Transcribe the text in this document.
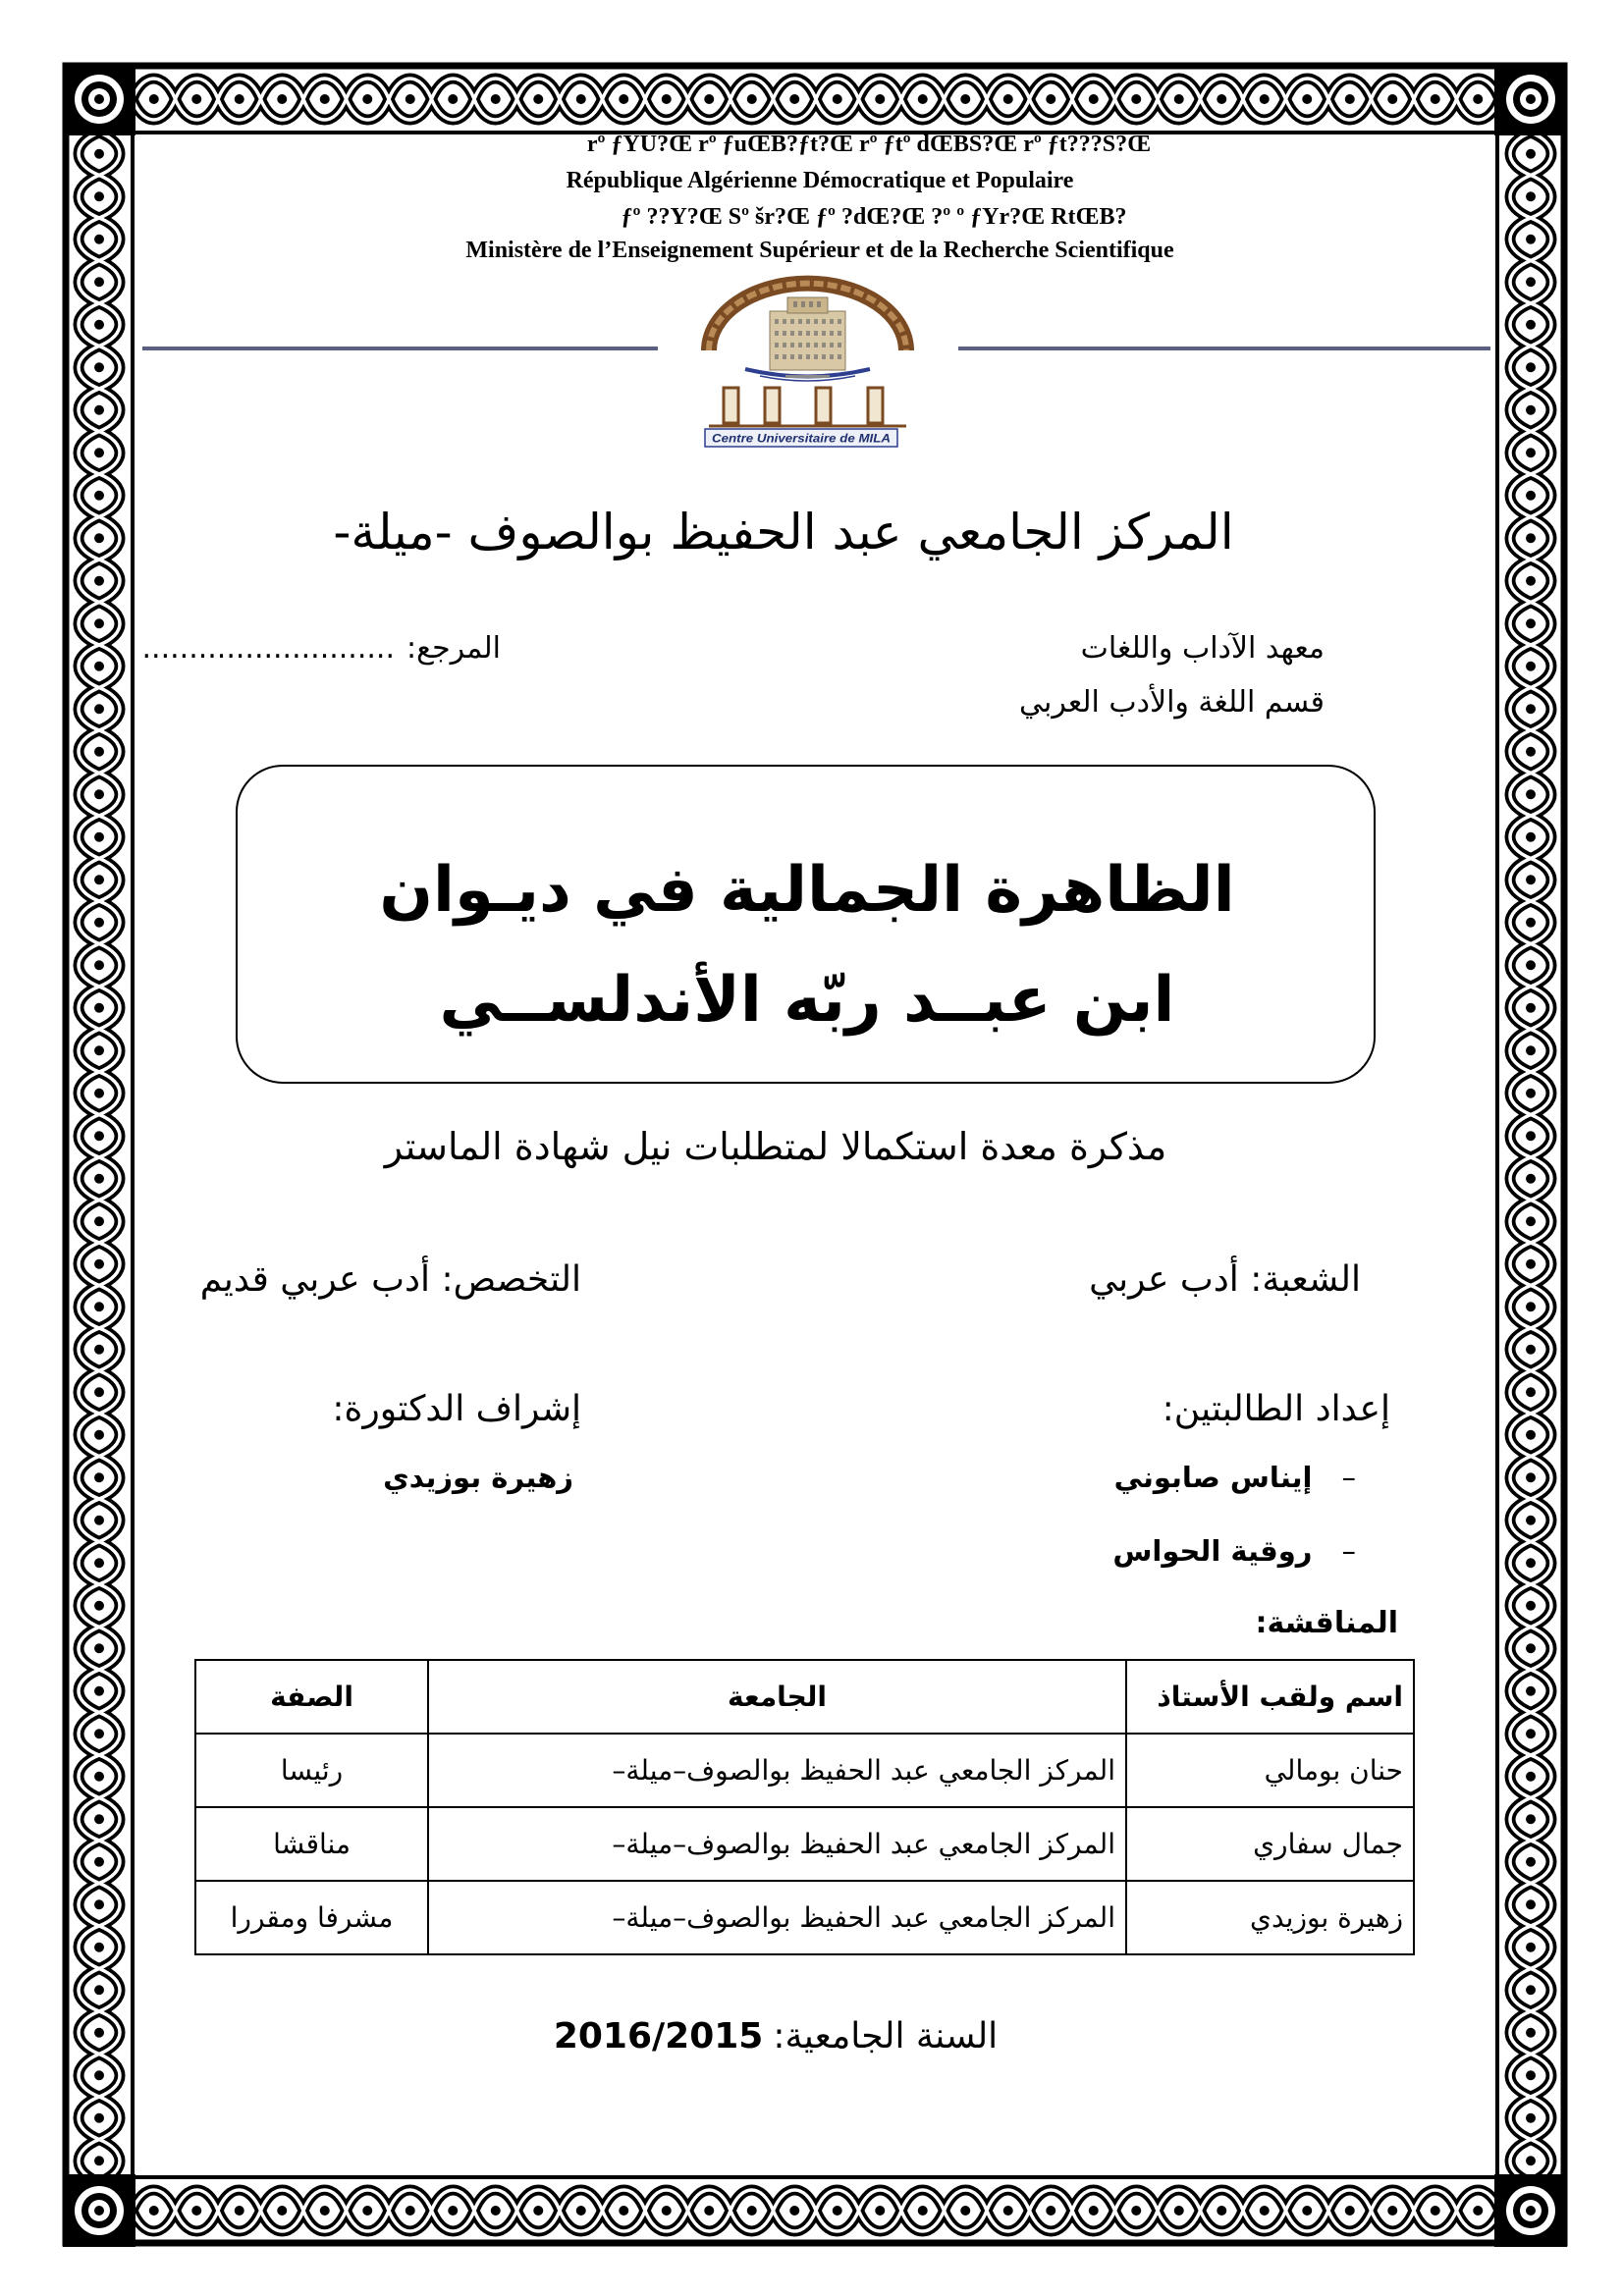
rº ƒYÜ?Œ rº ƒuŒB?ƒt?Œ rº ƒtº dŒBS?Œ rº ƒt???S?Œ
République Algérienne Démocratique et Populaire
ƒº ??Y?Œ Sº šr?Œ ƒº ?dŒ?Œ ?º º ƒYr?Œ RtŒB?
Ministère de l’Enseignement Supérieur et de la Recherche Scientifique
Centre Universitaire de MILA
المركز الجامعي عبد الحفيظ بوالصوف -ميلة-
معهد الآداب واللغات
المرجع:...........................
قسم اللغة والأدب العربي
الظاهرة الجمالية في ديـوان
ابن عبــد ربّه الأندلســي
مذكرة معدة استكمالا لمتطلبات نيل شهادة الماستر
الشعبة: أدب عربي
التخصص: أدب عربي قديم
إعداد الطالبتين:
إشراف الدكتورة:
–
إيناس صابوني
زهيرة بوزيدي
–
روقية الحواس
المناقشة:
اسم ولقب الأستاذ	الجامعة	الصفة
حنان بومالي	المركز الجامعي عبد الحفيظ بوالصوف–ميلة–	رئيسا
جمال سفاري	المركز الجامعي عبد الحفيظ بوالصوف–ميلة–	مناقشا
زهيرة بوزيدي	المركز الجامعي عبد الحفيظ بوالصوف–ميلة–	مشرفا ومقررا
السنة الجامعية:2016/2015
